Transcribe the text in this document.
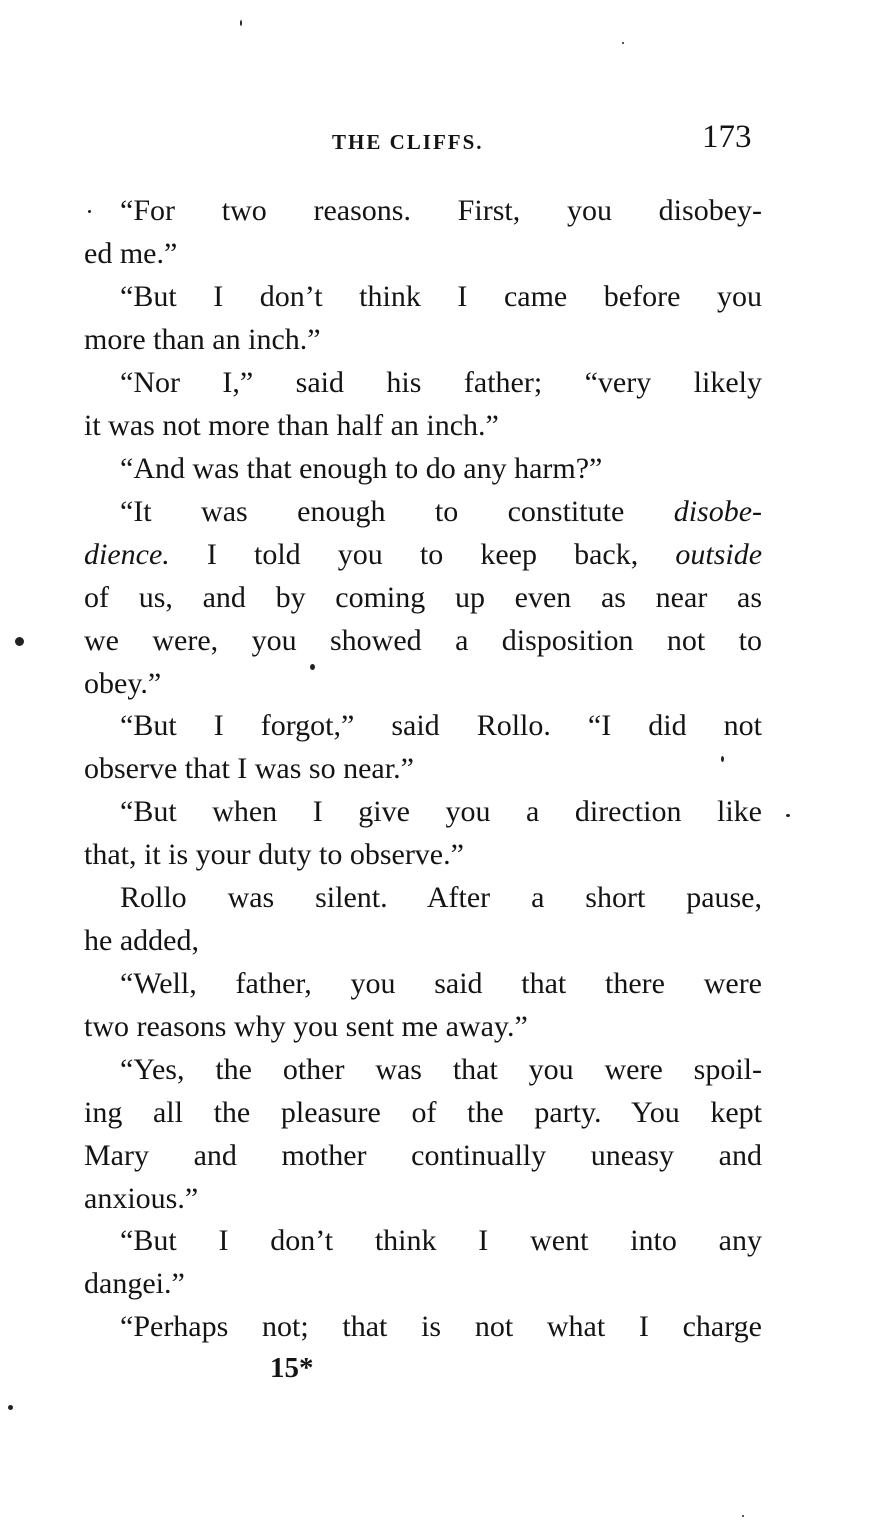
THE CLIFFS.	173
“For two reasons. First, you disobey-
ed me.”
“But I don’t think I came before you
more than an inch.”
“Nor I,” said his father; “very likely
it was not more than half an inch.”
“And was that enough to do any harm?”
“It was enough to constitute disobe-
dience. I told you to keep back, outside
of us, and by coming up even as near as
we were, you showed a disposition not to
obey.”
“But I forgot,” said Rollo. “I did not
observe that I was so near.”
“But when I give you a direction like
that, it is your duty to observe.”
Rollo was silent. After a short pause,
he added,
“Well, father, you said that there were
two reasons why you sent me away.”
“Yes, the other was that you were spoil-
ing all the pleasure of the party. You kept
Mary and mother continually uneasy and
anxious.”
“But I don’t think I went into any
dangei.”
“Perhaps not; that is not what I charge
15*
